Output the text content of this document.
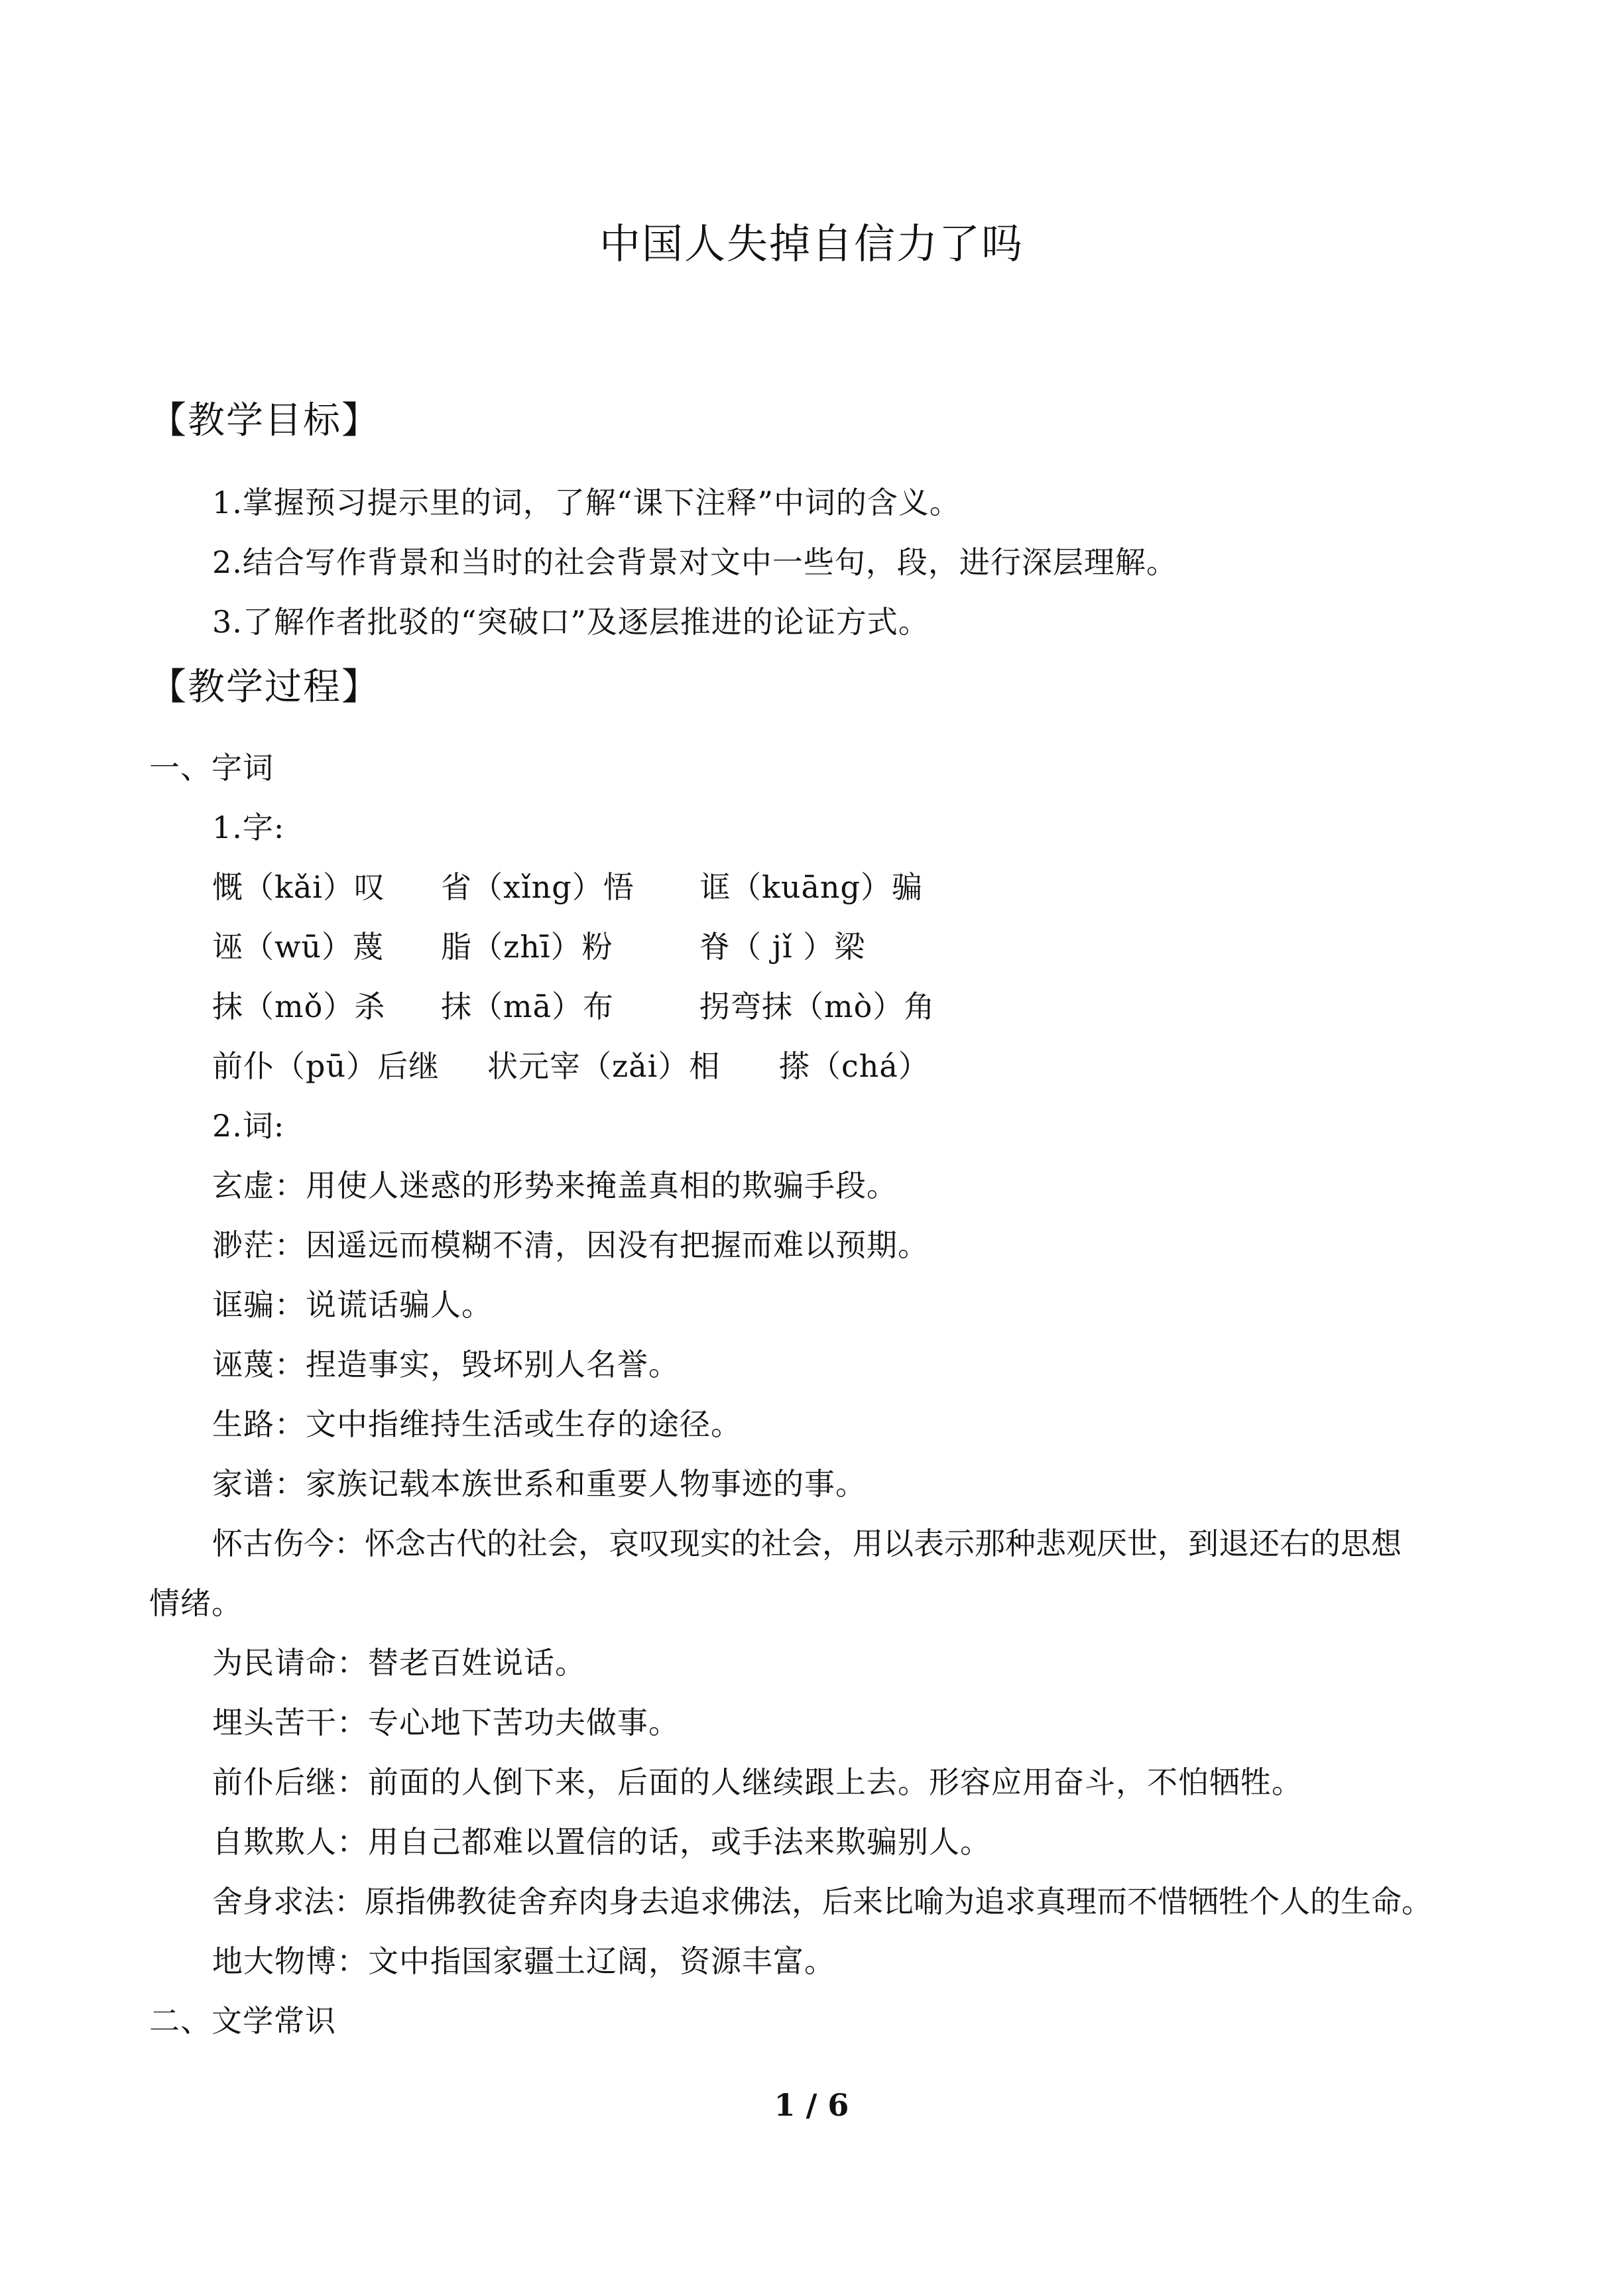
中国人失掉自信力了吗
【教学目标】
1.掌握预习提示里的词，了解“课下注释”中词的含义。
2.结合写作背景和当时的社会背景对文中一些句，段，进行深层理解。
3.了解作者批驳的“突破口”及逐层推进的论证方式。
【教学过程】
一、字词
1.字:
慨（kǎi）叹 省（xǐng）悟 诓（kuāng）骗
诬（wū）蔑 脂（zhī）粉	脊（ jǐ ）梁
抹（mǒ）杀 抹（mā）布	拐弯抹（mò）角
前仆（pū）后继 状元宰（zǎi）相 搽（chá）
2.词:
玄虚：用使人迷惑的形势来掩盖真相的欺骗手段。
渺茫：因遥远而模糊不清，因没有把握而难以预期。
诓骗：说谎话骗人。
诬蔑：捏造事实，毁坏别人名誉。
生路：文中指维持生活或生存的途径。
家谱：家族记载本族世系和重要人物事迹的事。
怀古伤今：怀念古代的社会，哀叹现实的社会，用以表示那种悲观厌世，到退还右的思想
情绪。
为民请命：替老百姓说话。
埋头苦干：专心地下苦功夫做事。
前仆后继：前面的人倒下来，后面的人继续跟上去。形容应用奋斗，不怕牺牲。
自欺欺人：用自己都难以置信的话，或手法来欺骗别人。
舍身求法：原指佛教徒舍弃肉身去追求佛法，后来比喻为追求真理而不惜牺牲个人的生命。
地大物博：文中指国家疆土辽阔，资源丰富。
二、文学常识
1 / 6
